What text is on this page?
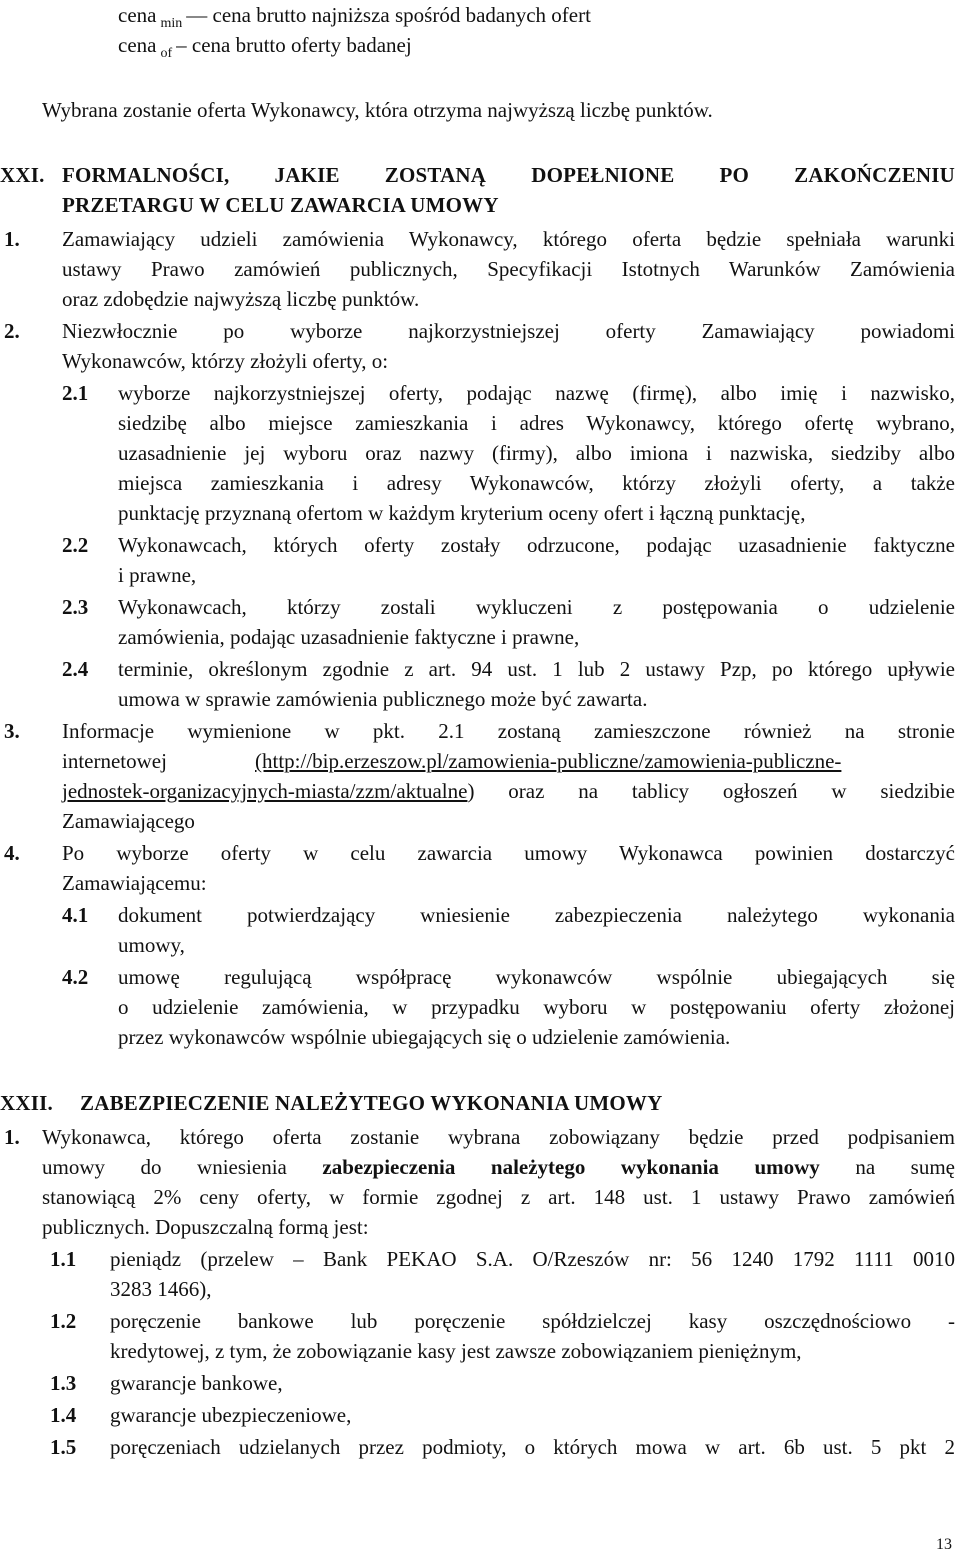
cena $_{min}$ — cena brutto najniższa spośród badanych ofert
cena $_{of}$ – cena brutto oferty badanej
Wybrana zostanie oferta Wykonawcy, która otrzyma najwyższą liczbę punktów.
XXI. FORMALNOŚCI, JAKIE ZOSTANĄ DOPEŁNIONE PO ZAKOŃCZENIU
PRZETARGU W CELU ZAWARCIA UMOWY
1. Zamawiający udzieli zamówienia Wykonawcy, którego oferta będzie spełniała warunki
ustawy Prawo zamówień publicznych, Specyfikacji Istotnych Warunków Zamówienia
oraz zdobędzie najwyższą liczbę punktów.
2. Niezwłocznie po wyborze najkorzystniejszej oferty Zamawiający powiadomi
Wykonawców, którzy złożyli oferty, o:
2.1 wyborze najkorzystniejszej oferty, podając nazwę (firmę), albo imię i nazwisko,
siedzibę albo miejsce zamieszkania i adres Wykonawcy, którego ofertę wybrano,
uzasadnienie jej wyboru oraz nazwy (firmy), albo imiona i nazwiska, siedziby albo
miejsca zamieszkania i adresy Wykonawców, którzy złożyli oferty, a także
punktację przyznaną ofertom w każdym kryterium oceny ofert i łączną punktację,
2.2 Wykonawcach, których oferty zostały odrzucone, podając uzasadnienie faktyczne
i prawne,
2.3 Wykonawcach, którzy zostali wykluczeni z postępowania o udzielenie
zamówienia, podając uzasadnienie faktyczne i prawne,
2.4 terminie, określonym zgodnie z art. 94 ust. 1 lub 2 ustawy Pzp, po którego upływie
umowa w sprawie zamówienia publicznego może być zawarta.
3. Informacje wymienione w pkt. 2.1 zostaną zamieszczone również na stronie
internetowej	(http://bip.erzeszow.pl/zamowienia-publiczne/zamowienia-publiczne-
jednostek-organizacyjnych-miasta/zzm/aktualne) oraz na tablicy ogłoszeń w siedzibie
Zamawiającego
4. Po wyborze oferty w celu zawarcia umowy Wykonawca powinien dostarczyć
Zamawiającemu:
4.1 dokument potwierdzający wniesienie zabezpieczenia należytego wykonania
umowy,
4.2 umowę regulującą współpracę wykonawców wspólnie ubiegających się
o udzielenie zamówienia, w przypadku wyboru w postępowaniu oferty złożonej
przez wykonawców wspólnie ubiegających się o udzielenie zamówienia.
XXII. ZABEZPIECZENIE NALEŻYTEGO WYKONANIA UMOWY
1. Wykonawca, którego oferta zostanie wybrana zobowiązany będzie przed podpisaniem
umowy do wniesienia zabezpieczenia należytego wykonania umowy na sumę
stanowiącą 2% ceny oferty, w formie zgodnej z art. 148 ust. 1 ustawy Prawo zamówień
publicznych. Dopuszczalną formą jest:
1.1 pieniądz (przelew – Bank PEKAO S.A. O/Rzeszów nr: 56 1240 1792 1111 0010
3283 1466),
1.2 poręczenie bankowe lub poręczenie spółdzielczej kasy oszczędnościowo -
kredytowej, z tym, że zobowiązanie kasy jest zawsze zobowiązaniem pieniężnym,
1.3 gwarancje bankowe,
1.4 gwarancje ubezpieczeniowe,
1.5 poręczeniach udzielanych przez podmioty, o których mowa w art. 6b ust. 5 pkt 2
13
